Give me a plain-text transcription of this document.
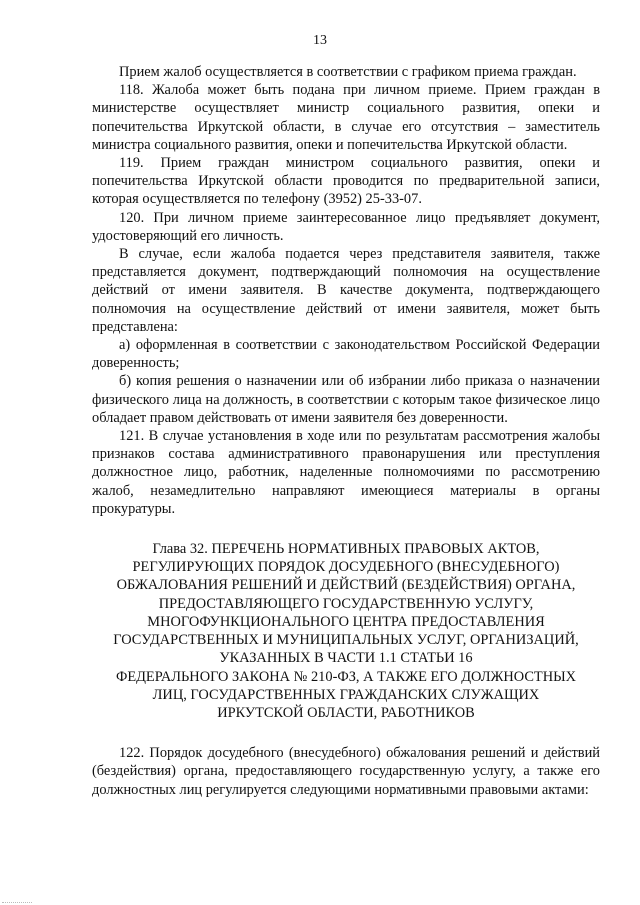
13

Прием жалоб осуществляется в соответствии с графиком приема граждан.

118. Жалоба может быть подана при личном приеме. Прием граждан в министерстве осуществляет министр социального развития, опеки и попечительства Иркутской области, в случае его отсутствия – заместитель министра социального развития, опеки и попечительства Иркутской области.

119. Прием граждан министром социального развития, опеки и попечительства Иркутской области проводится по предварительной записи, которая осуществляется по телефону (3952) 25-33-07.

120. При личном приеме заинтересованное лицо предъявляет документ, удостоверяющий его личность.

В случае, если жалоба подается через представителя заявителя, также представляется документ, подтверждающий полномочия на осуществление действий от имени заявителя. В качестве документа, подтверждающего полномочия на осуществление действий от имени заявителя, может быть представлена:

а) оформленная в соответствии с законодательством Российской Федерации доверенность;

б) копия решения о назначении или об избрании либо приказа о назначении физического лица на должность, в соответствии с которым такое физическое лицо обладает правом действовать от имени заявителя без доверенности.

121. В случае установления в ходе или по результатам рассмотрения жалобы признаков состава административного правонарушения или преступления должностное лицо, работник, наделенные полномочиями по рассмотрению жалоб, незамедлительно направляют имеющиеся материалы в органы прокуратуры.

Глава 32. ПЕРЕЧЕНЬ НОРМАТИВНЫХ ПРАВОВЫХ АКТОВ,
РЕГУЛИРУЮЩИХ ПОРЯДОК ДОСУДЕБНОГО (ВНЕСУДЕБНОГО)
ОБЖАЛОВАНИЯ РЕШЕНИЙ И ДЕЙСТВИЙ (БЕЗДЕЙСТВИЯ) ОРГАНА,
ПРЕДОСТАВЛЯЮЩЕГО ГОСУДАРСТВЕННУЮ УСЛУГУ,
МНОГОФУНКЦИОНАЛЬНОГО ЦЕНТРА ПРЕДОСТАВЛЕНИЯ
ГОСУДАРСТВЕННЫХ И МУНИЦИПАЛЬНЫХ УСЛУГ, ОРГАНИЗАЦИЙ,
УКАЗАННЫХ В ЧАСТИ 1.1 СТАТЬИ 16
ФЕДЕРАЛЬНОГО ЗАКОНА № 210-ФЗ, А ТАКЖЕ ЕГО ДОЛЖНОСТНЫХ
ЛИЦ, ГОСУДАРСТВЕННЫХ ГРАЖДАНСКИХ СЛУЖАЩИХ
ИРКУТСКОЙ ОБЛАСТИ, РАБОТНИКОВ

122. Порядок досудебного (внесудебного) обжалования решений и действий (бездействия) органа, предоставляющего государственную услугу, а также его должностных лиц регулируется следующими нормативными правовыми актами:
